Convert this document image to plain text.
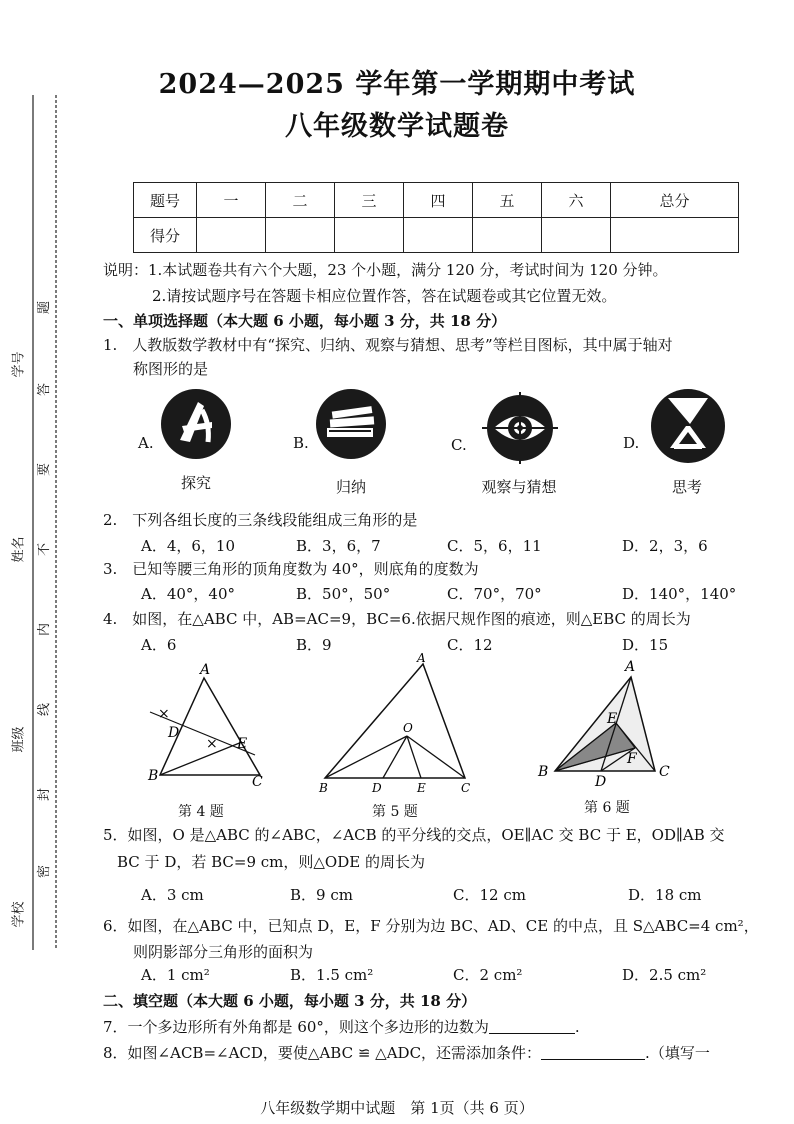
学号
姓名
班级
学校
题
答
要
不
内
线
封
密
2024—2025 学年第一学期期中考试
八年级数学试题卷
题号	一	二	三	四	五	六	总分
得分							
说明：1.本试题卷共有六个大题，23 个小题，满分 120 分，考试时间为 120 分钟。
2.请按试题序号在答题卡相应位置作答，答在试题卷或其它位置无效。
一、单项选择题（本大题 6 小题，每小题 3 分，共 18 分）
1.　人教版数学教材中有“探究、归纳、观察与猜想、思考”等栏目图标，其中属于轴对
称图形的是
A.
探究
B.
归纳
C.
观察与猜想
D.
思考
2.　下列各组长度的三条线段能组成三角形的是
A．4，6，10	B．3，6，7	C．5，6，11	D．2，3，6
3.　已知等腰三角形的顶角度数为 40°，则底角的度数为
A．40°，40°	B．50°，50°	C．70°，70°	D．140°，140°
4.　如图，在△ABC 中，AB=AC=9，BC=6.依据尺规作图的痕迹，则△EBC 的周长为
A．6	B．9	C．12	D．15
×
×
A
B	C
D
E
第 4 题
A
B	C
D	E
O
第 5 题
A
B	C
D
E
F
第 6 题
5．如图，O 是△ABC 的∠ABC，∠ACB 的平分线的交点，OE∥AC 交 BC 于 E，OD∥AB 交
BC 于 D，若 BC=9 cm，则△ODE 的周长为
A．3 cm	B．9 cm	C．12 cm	D．18 cm
6．如图，在△ABC 中，已知点 D，E，F 分别为边 BC、AD、CE 的中点，且 S△ABC=4 cm²，
则阴影部分三角形的面积为
A．1 cm²	B．1.5 cm²	C．2 cm²	D．2.5 cm²
二、填空题（本大题 6 小题，每小题 3 分，共 18 分）
7．一个多边形所有外角都是 60°，则这个多边形的边数为	.
8．如图∠ACB=∠ACD，要使△ABC ≌ △ADC，还需添加条件：	.（填写一
八年级数学期中试题　第 1页（共 6 页）
